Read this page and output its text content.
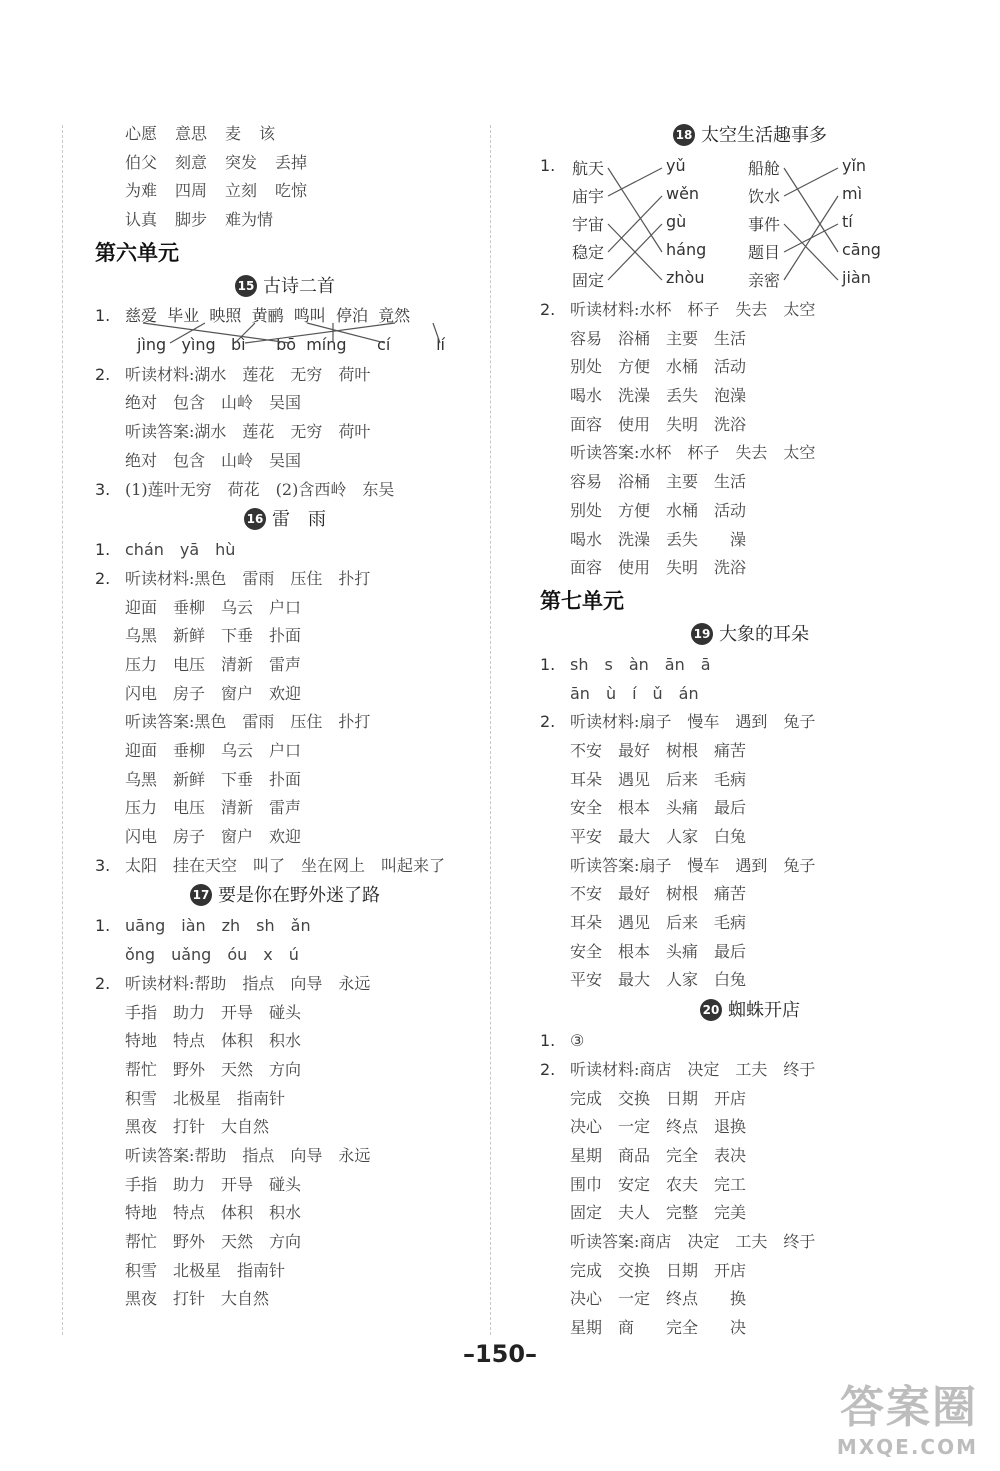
心愿 意思 麦 该
伯父 刻意 突发 丢掉
为难 四周 立刻 吃惊
认真 脚步 难为情
第六单元
15 古诗二首
1. 慈爱 毕业 映照 黄鹂 鸣叫 停泊 竟然
jìng yìng bì bō míng cí	lí
2. 听读材料:湖水　莲花　无穷　荷叶
绝对　包含　山岭　吴国
听读答案:湖水　莲花　无穷　荷叶
绝对　包含　山岭　吴国
3. (1)莲叶无穷　荷花　(2)含西岭　东吴
16 雷　雨
1. chán　yā　hù
2. 听读材料:黑色　雷雨　压住　扑打
迎面　垂柳　乌云　户口
乌黑　新鲜　下垂　扑面
压力　电压　清新　雷声
闪电　房子　窗户　欢迎
听读答案:黑色　雷雨　压住　扑打
迎面　垂柳　乌云　户口
乌黑　新鲜　下垂　扑面
压力　电压　清新　雷声
闪电　房子　窗户　欢迎
3. 太阳　挂在天空　叫了　坐在网上　叫起来了
17 要是你在野外迷了路
1. uāng　iàn　zh　sh　ǎn
ǒng　uǎng　óu　x　ú
2. 听读材料:帮助　指点　向导　永远
手指　助力　开导　碰头
特地　特点　体积　积水
帮忙　野外　天然　方向
积雪　北极星　指南针
黑夜　打针　大自然
听读答案:帮助　指点　向导　永远
手指　助力　开导　碰头
特地　特点　体积　积水
帮忙　野外　天然　方向
积雪　北极星　指南针
黑夜　打针　大自然
18 太空生活趣事多
1. 航天
庙宇
宇宙
稳定
固定
yǔ
wěn
gù
háng
zhòu
船舱
饮水
事件
题目
亲密
yǐn
mì
tí
cāng
jiàn
2. 听读材料:水杯　杯子　失去　太空
容易　浴桶　主要　生活
别处　方便　水桶　活动
喝水　洗澡　丢失　泡澡
面容　使用　失明　洗浴
听读答案:水杯　杯子　失去　太空
容易　浴桶　主要　生活
别处　方便　水桶　活动
喝水　洗澡　丢失　　澡
面容　使用　失明　洗浴
第七单元
19 大象的耳朵
1. sh　s　àn　ān　ā
ān　ù　í　ǔ　án
2. 听读材料:扇子　慢车　遇到　兔子
不安　最好　树根　痛苦
耳朵　遇见　后来　毛病
安全　根本　头痛　最后
平安　最大　人家　白兔
听读答案:扇子　慢车　遇到　兔子
不安　最好　树根　痛苦
耳朵　遇见　后来　毛病
安全　根本　头痛　最后
平安　最大　人家　白兔
20 蜘蛛开店
1. ③
2. 听读材料:商店　决定　工夫　终于
完成　交换　日期　开店
决心　一定　终点　退换
星期　商品　完全　表决
围巾　安定　农夫　完工
固定　夫人　完整　完美
听读答案:商店　决定　工夫　终于
完成　交换　日期　开店
决心　一定　终点　　换
星期　商　　完全　　决
–150–
答案圈
MXQE.COM
